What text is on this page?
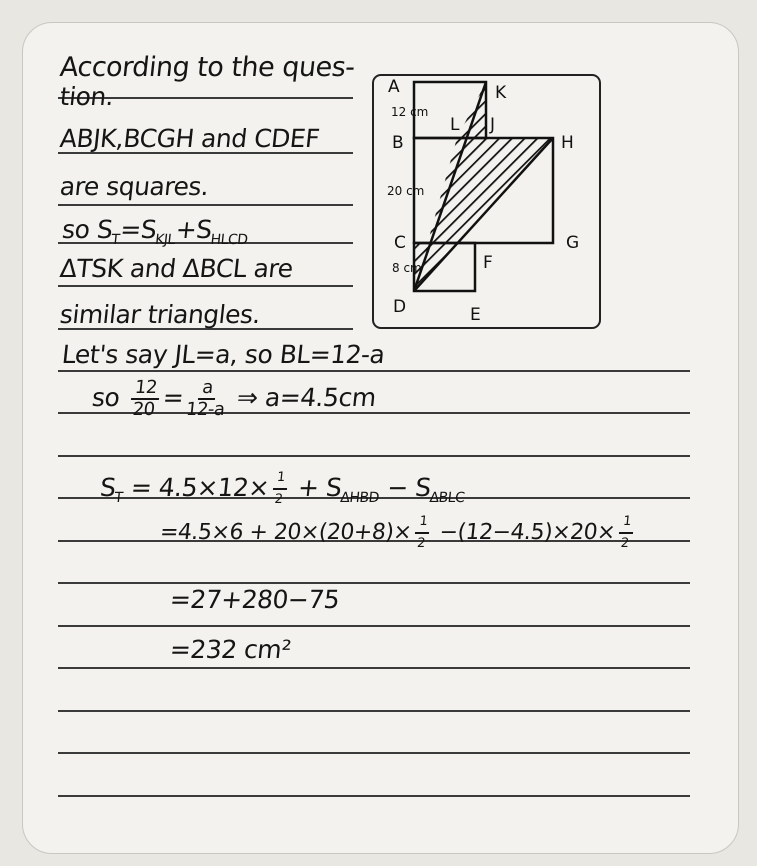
According to the ques-
tion.
ABJK,BCGH and CDEF
are squares.
so $S_T=S_{KJL}+S_{HLCD}$
ΔTSK and ΔBCL are
similar triangles.
Let's say JL=a, so BL=12-a
so $\frac{12}{20} = \frac{a}{12-a}$ ⇒ a=4.5cm
$S_T = 4.5\times 12\times \frac{1}{2} + S_{\Delta HBD} - S_{\Delta BLC}$
$=4.5\times 6 + 20\times(20+8)\times \frac{1}{2} -(12-4.5)\times 20\times \frac{1}{2}$
=27+280−75
=232 cm²
A	K
B
L J
H
C	G
F
D	E
12 cm
20 cm
8 cm
